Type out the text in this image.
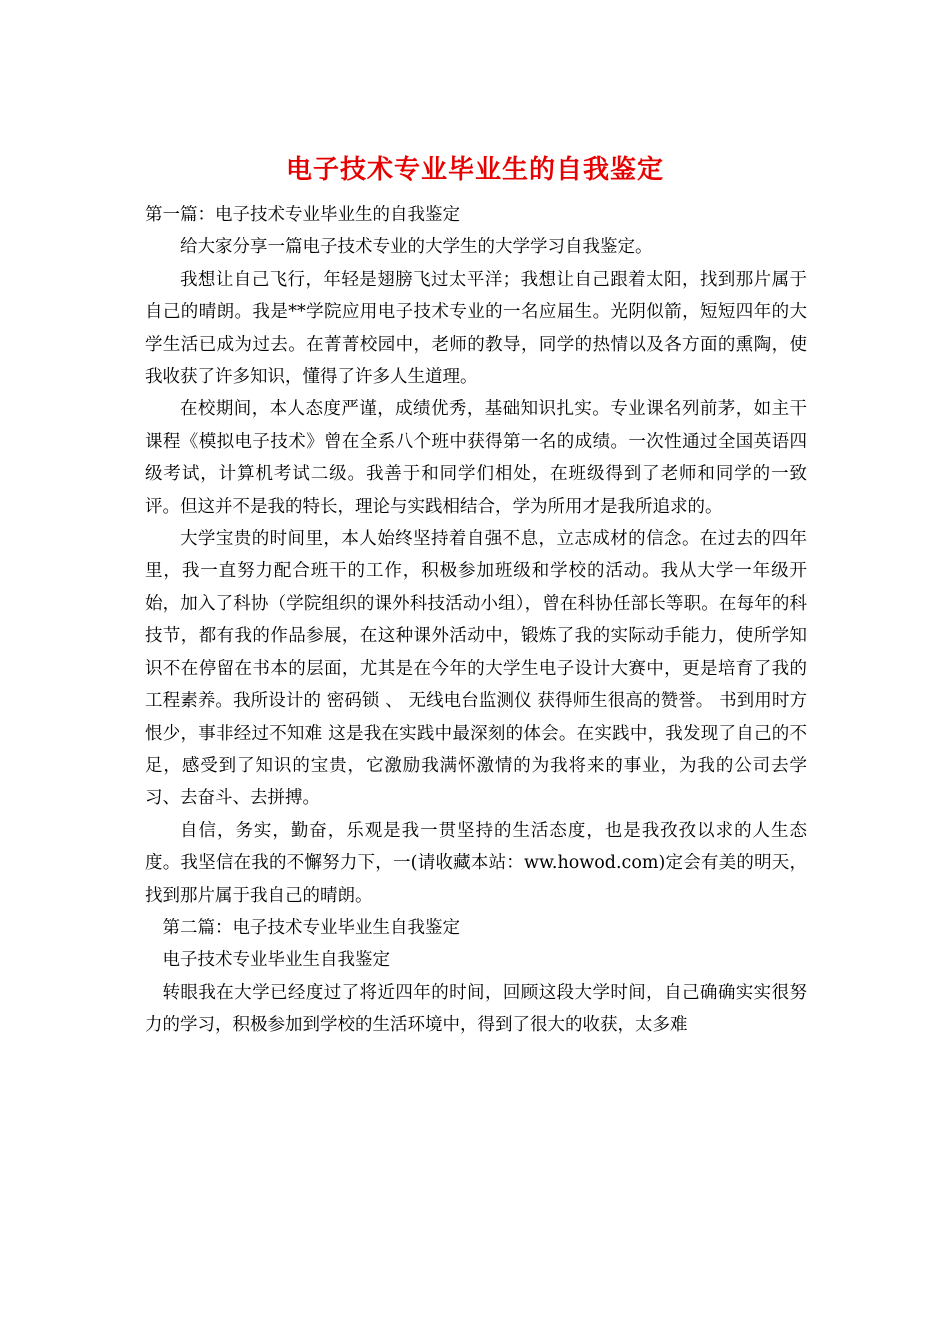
电子技术专业毕业生的自我鉴定

第一篇：电子技术专业毕业生的自我鉴定

给大家分享一篇电子技术专业的大学生的大学学习自我鉴定。

我想让自己飞行，年轻是翅膀飞过太平洋；我想让自己跟着太阳，找到那片属于自己的晴朗。我是**学院应用电子技术专业的一名应届生。光阴似箭，短短四年的大学生活已成为过去。在菁菁校园中，老师的教导，同学的热情以及各方面的熏陶，使我收获了许多知识，懂得了许多人生道理。

在校期间，本人态度严谨，成绩优秀，基础知识扎实。专业课名列前茅，如主干课程《模拟电子技术》曾在全系八个班中获得第一名的成绩。一次性通过全国英语四级考试，计算机考试二级。我善于和同学们相处，在班级得到了老师和同学的一致评。但这并不是我的特长，理论与实践相结合，学为所用才是我所追求的。

大学宝贵的时间里，本人始终坚持着自强不息，立志成材的信念。在过去的四年里，我一直努力配合班干的工作，积极参加班级和学校的活动。我从大学一年级开始，加入了科协（学院组织的课外科技活动小组），曾在科协任部长等职。在每年的科技节，都有我的作品参展，在这种课外活动中，锻炼了我的实际动手能力，使所学知识不在停留在书本的层面，尤其是在今年的大学生电子设计大赛中，更是培育了我的工程素养。我所设计的 密码锁 、 无线电台监测仪 获得师生很高的赞誉。 书到用时方恨少，事非经过不知难 这是我在实践中最深刻的体会。在实践中，我发现了自己的不足，感受到了知识的宝贵，它激励我满怀激情的为我将来的事业，为我的公司去学习、去奋斗、去拼搏。

自信，务实，勤奋，乐观是我一贯坚持的生活态度，也是我孜孜以求的人生态度。我坚信在我的不懈努力下，一(请收藏本站：ww.howod.com)定会有美的明天，找到那片属于我自己的晴朗。

第二篇：电子技术专业毕业生自我鉴定

电子技术专业毕业生自我鉴定

转眼我在大学已经度过了将近四年的时间，回顾这段大学时间，自己确确实实很努力的学习，积极参加到学校的生活环境中，得到了很大的收获，太多难
